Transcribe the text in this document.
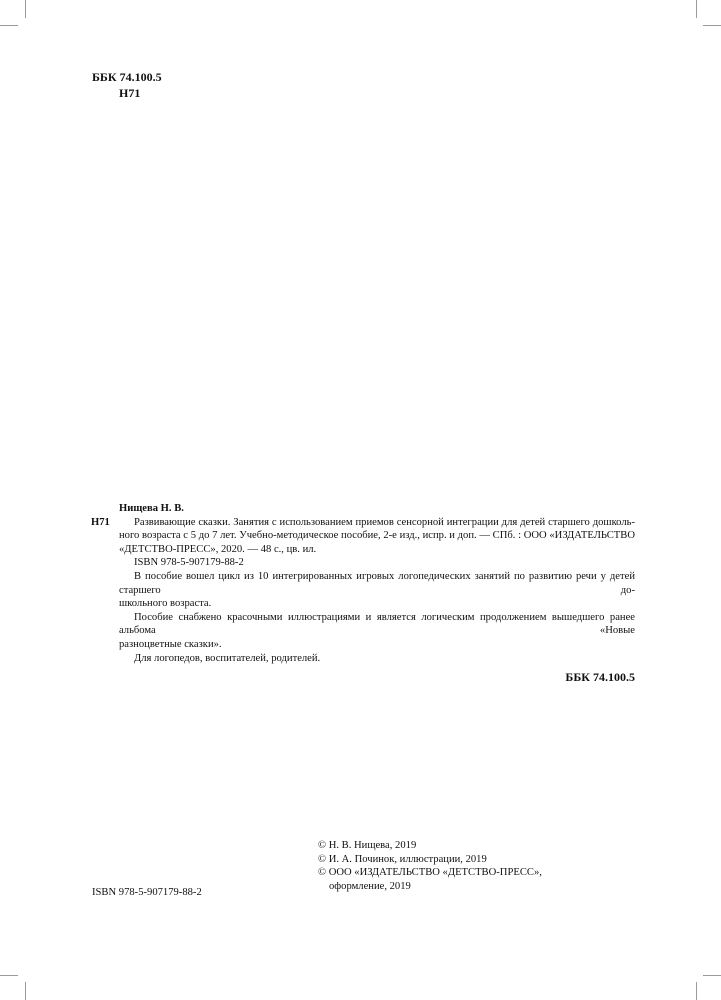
ББК 74.100.5
Н71
Нищева Н. В.
Н71	Развивающие сказки. Занятия с использованием приемов сенсорной интеграции для детей старшего дошколь-
ного возраста с 5 до 7 лет. Учебно-методическое пособие, 2-е изд., испр. и доп. — СПб. : ООО «ИЗДАТЕЛЬСТВО
«ДЕТСТВО-ПРЕСС», 2020. — 48 с., цв. ил.
ISBN 978-5-907179-88-2
В пособие вошел цикл из 10 интегрированных игровых логопедических занятий по развитию речи у детей старшего до-
школьного возраста.
Пособие снабжено красочными иллюстрациями и является логическим продолжением вышедшего ранее альбома «Новые
разноцветные сказки».
Для логопедов, воспитателей, родителей.
ББК 74.100.5
ISBN 978-5-907179-88-2
© Н. В. Нищева, 2019
© И. А. Починок, иллюстрации, 2019
© ООО «ИЗДАТЕЛЬСТВО «ДЕТСТВО-ПРЕСС»,
оформление, 2019
